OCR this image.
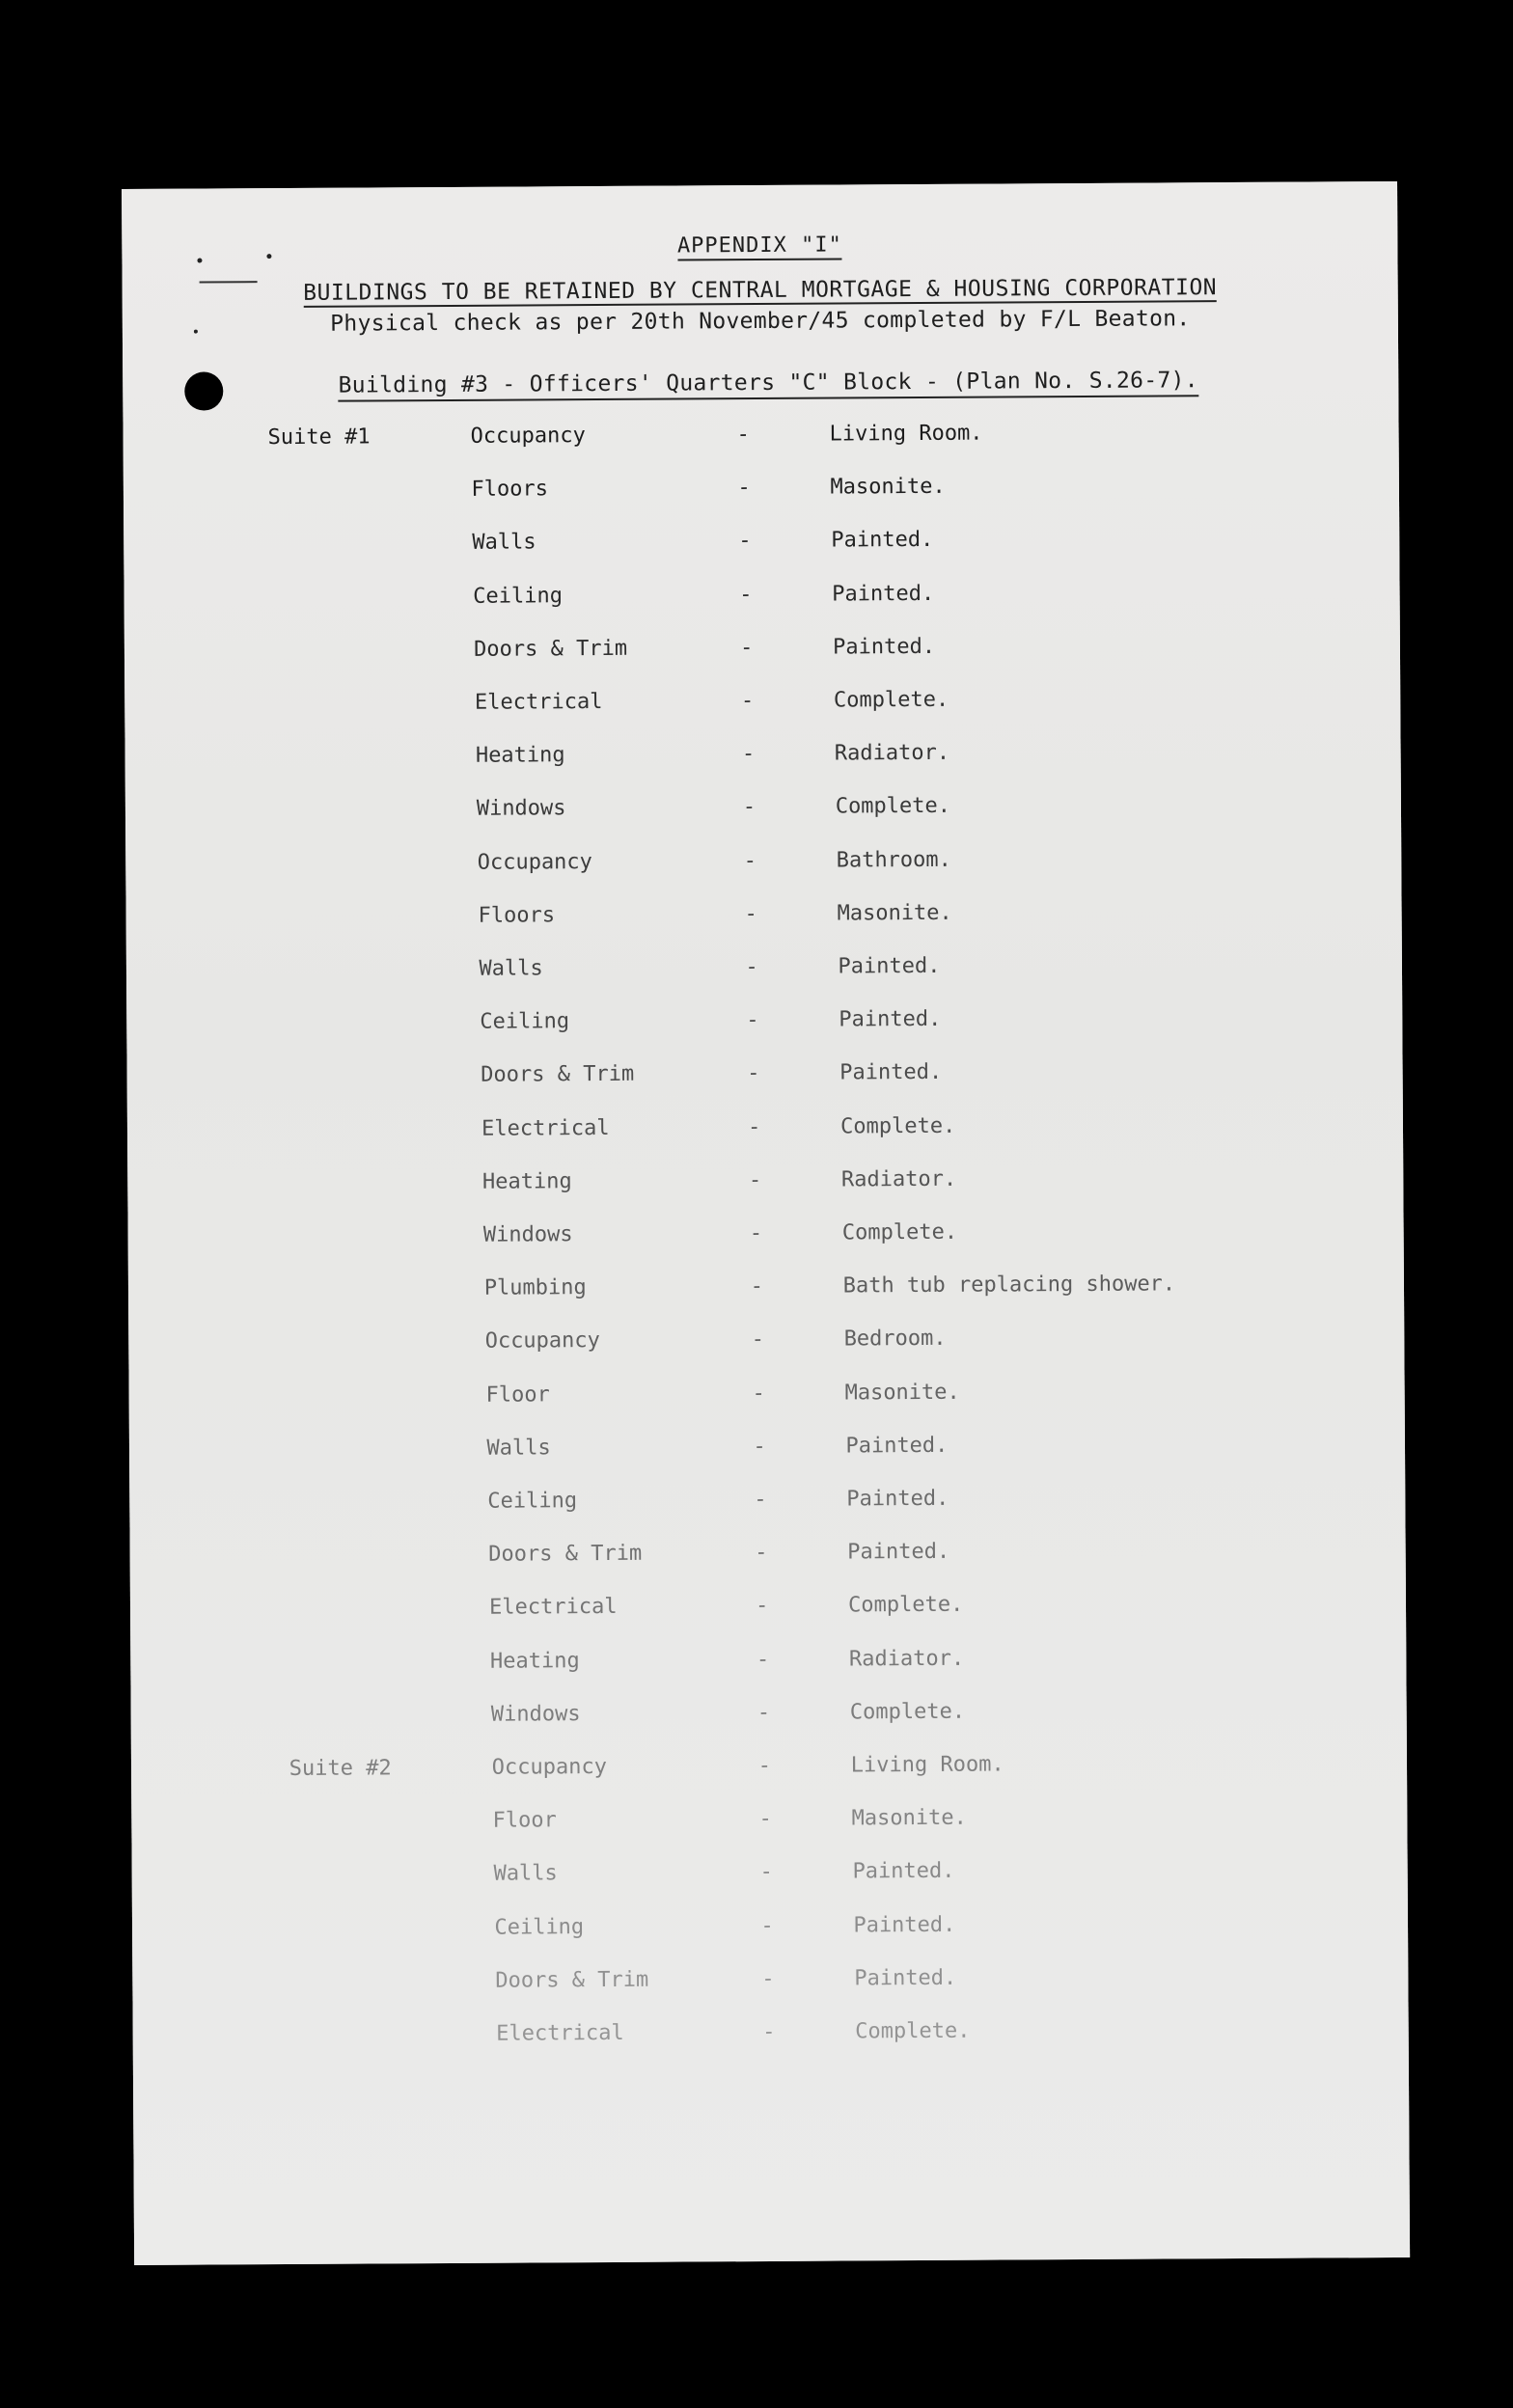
APPENDIX "I"
BUILDINGS TO BE RETAINED BY CENTRAL MORTGAGE & HOUSING CORPORATION
Physical check as per 20th November/45 completed by F/L Beaton.
Building #3 - Officers' Quarters "C" Block - (Plan No. S.26-7).
Suite #1	Occupancy	-	Living Room.
Floors	-	Masonite.
Walls	-	Painted.
Ceiling	-	Painted.
Doors & Trim	-	Painted.
Electrical	-	Complete.
Heating	-	Radiator.
Windows	-	Complete.
Occupancy	-	Bathroom.
Floors	-	Masonite.
Walls	-	Painted.
Ceiling	-	Painted.
Doors & Trim	-	Painted.
Electrical	-	Complete.
Heating	-	Radiator.
Windows	-	Complete.
Plumbing	-	Bath tub replacing shower.
Occupancy	-	Bedroom.
Floor	-	Masonite.
Walls	-	Painted.
Ceiling	-	Painted.
Doors & Trim	-	Painted.
Electrical	-	Complete.
Heating	-	Radiator.
Windows	-	Complete.
Suite #2	Occupancy	-	Living Room.
Floor	-	Masonite.
Walls	-	Painted.
Ceiling	-	Painted.
Doors & Trim	-	Painted.
Electrical	-	Complete.
